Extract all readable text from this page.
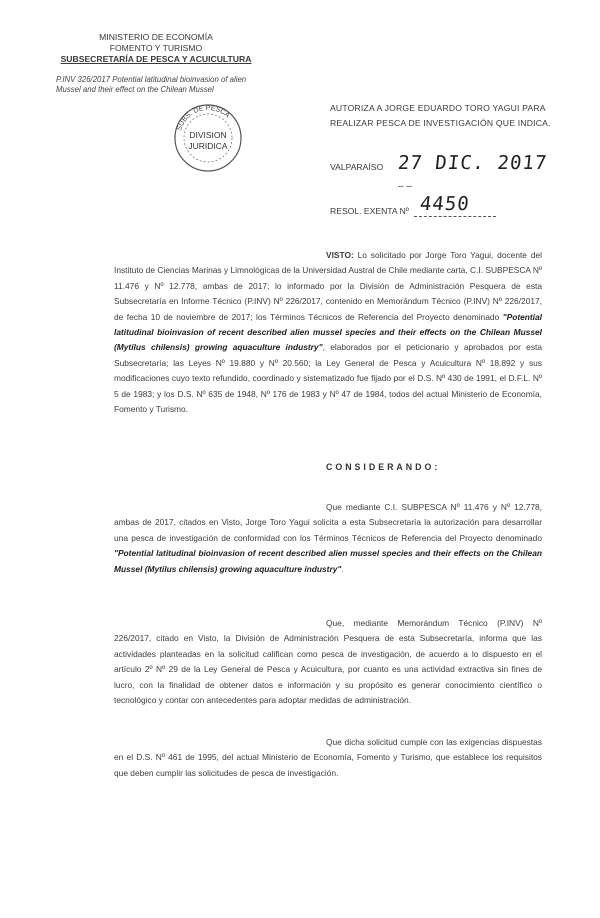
MINISTERIO DE ECONOMÍA
FOMENTO Y TURISMO
SUBSECRETARÍA DE PESCA Y ACUICULTURA
P.INV 326/2017 Potential latitudinal bioinvasion of alien
Mussel and their effect on the Chilean Mussel
SUBS. DE PESCA
DIVISION
JURIDICA
AUTORIZA A JORGE EDUARDO TORO YAGUI PARA
REALIZAR PESCA DE INVESTIGACIÓN QUE INDICA.
VALPARAÍSO 27 DIC. 2017
– –
RESOL. EXENTA Nº 4450
VISTO: Lo solicitado por Jorge Toro Yagui, docente del Instituto de Ciencias Marinas y Limnológicas de la Universidad Austral de Chile mediante carta, C.I. SUBPESCA Nº 11.476 y Nº 12.778, ambas de 2017; lo informado por la División de Administración Pesquera de esta Subsecretaría en Informe Técnico (P.INV) Nº 226/2017, contenido en Memorándum Técnico (P.INV) Nº 226/2017, de fecha 10 de noviembre de 2017; los Términos Técnicos de Referencia del Proyecto denominado "Potential latitudinal bioinvasion of recent described alien mussel species and their effects on the Chilean Mussel (Mytilus chilensis) growing aquaculture industry", elaborados por el peticionario y aprobados por esta Subsecretaría; las Leyes Nº 19.880 y Nº 20.560; la Ley General de Pesca y Acuicultura Nº 18.892 y sus modificaciones cuyo texto refundido, coordinado y sistematizado fue fijado por el D.S. Nº 430 de 1991, el D.F.L. Nº 5 de 1983; y los D.S. Nº 635 de 1948, Nº 176 de 1983 y Nº 47 de 1984, todos del actual Ministerio de Economía, Fomento y Turismo.
CONSIDERANDO:
Que mediante C.I. SUBPESCA Nº 11.476 y Nº 12.778, ambas de 2017, citados en Visto, Jorge Toro Yagui solicita a esta Subsecretaría la autorización para desarrollar una pesca de investigación de conformidad con los Términos Técnicos de Referencia del Proyecto denominado "Potential latitudinal bioinvasion of recent described alien mussel species and their effects on the Chilean Mussel (Mytilus chilensis) growing aquaculture industry".
Que, mediante Memorándum Técnico (P.INV) Nº 226/2017, citado en Visto, la División de Administración Pesquera de esta Subsecretaría, informa que las actividades planteadas en la solicitud califican como pesca de investigación, de acuerdo a lo dispuesto en el artículo 2º Nº 29 de la Ley General de Pesca y Acuicultura, por cuanto es una actividad extractiva sin fines de lucro, con la finalidad de obtener datos e información y su propósito es generar conocimiento científico o tecnológico y contar con antecedentes para adoptar medidas de administración.
Que dicha solicitud cumple con las exigencias dispuestas en el D.S. Nº 461 de 1995, del actual Ministerio de Economía, Fomento y Turismo, que establece los requisitos que deben cumplir las solicitudes de pesca de investigación.
